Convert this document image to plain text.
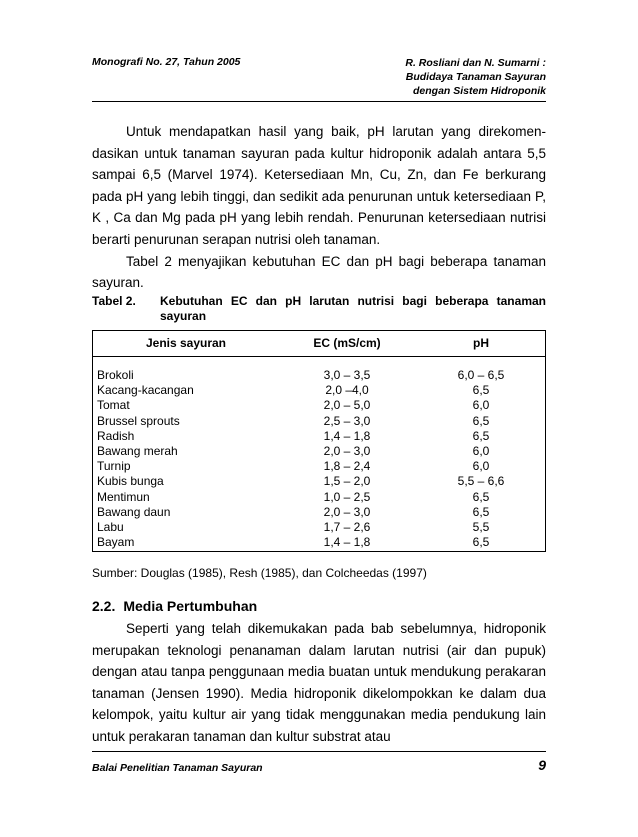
Monografi No. 27, Tahun 2005	R. Rosliani dan N. Sumarni :
Budidaya Tanaman Sayuran
dengan Sistem Hidroponik

Untuk mendapatkan hasil yang baik, pH larutan yang direkomen-dasikan untuk tanaman sayuran pada kultur hidroponik adalah antara 5,5 sampai 6,5 (Marvel 1974). Ketersediaan Mn, Cu, Zn, dan Fe berkurang pada pH yang lebih tinggi, dan sedikit ada penurunan untuk ketersediaan P, K , Ca dan Mg pada pH yang lebih rendah. Penurunan ketersediaan nutrisi berarti penurunan serapan nutrisi oleh tanaman.

Tabel 2 menyajikan kebutuhan EC dan pH bagi beberapa tanaman sayuran.

Tabel 2. Kebutuhan EC dan pH larutan nutrisi bagi beberapa tanaman sayuran
Jenis sayuran	EC (mS/cm)	pH
Brokoli	3,0 – 3,5	6,0 – 6,5
Kacang-kacangan	2,0 –4,0	6,5
Tomat	2,0 – 5,0	6,0
Brussel sprouts	2,5 – 3,0	6,5
Radish	1,4 – 1,8	6,5
Bawang merah	2,0 – 3,0	6,0
Turnip	1,8 – 2,4	6,0
Kubis bunga	1,5 – 2,0	5,5 – 6,6
Mentimun	1,0 – 2,5	6,5
Bawang daun	2,0 – 3,0	6,5
Labu	1,7 – 2,6	5,5
Bayam	1,4 – 1,8	6,5
Sumber: Douglas (1985), Resh (1985), dan Colcheedas (1997)
2.2. Media Pertumbuhan

Seperti yang telah dikemukakan pada bab sebelumnya, hidroponik merupakan teknologi penanaman dalam larutan nutrisi (air dan pupuk) dengan atau tanpa penggunaan media buatan untuk mendukung perakaran tanaman (Jensen 1990). Media hidroponik dikelompokkan ke dalam dua kelompok, yaitu kultur air yang tidak menggunakan media pendukung lain untuk perakaran tanaman dan kultur substrat atau

Balai Penelitian Tanaman Sayuran	9
